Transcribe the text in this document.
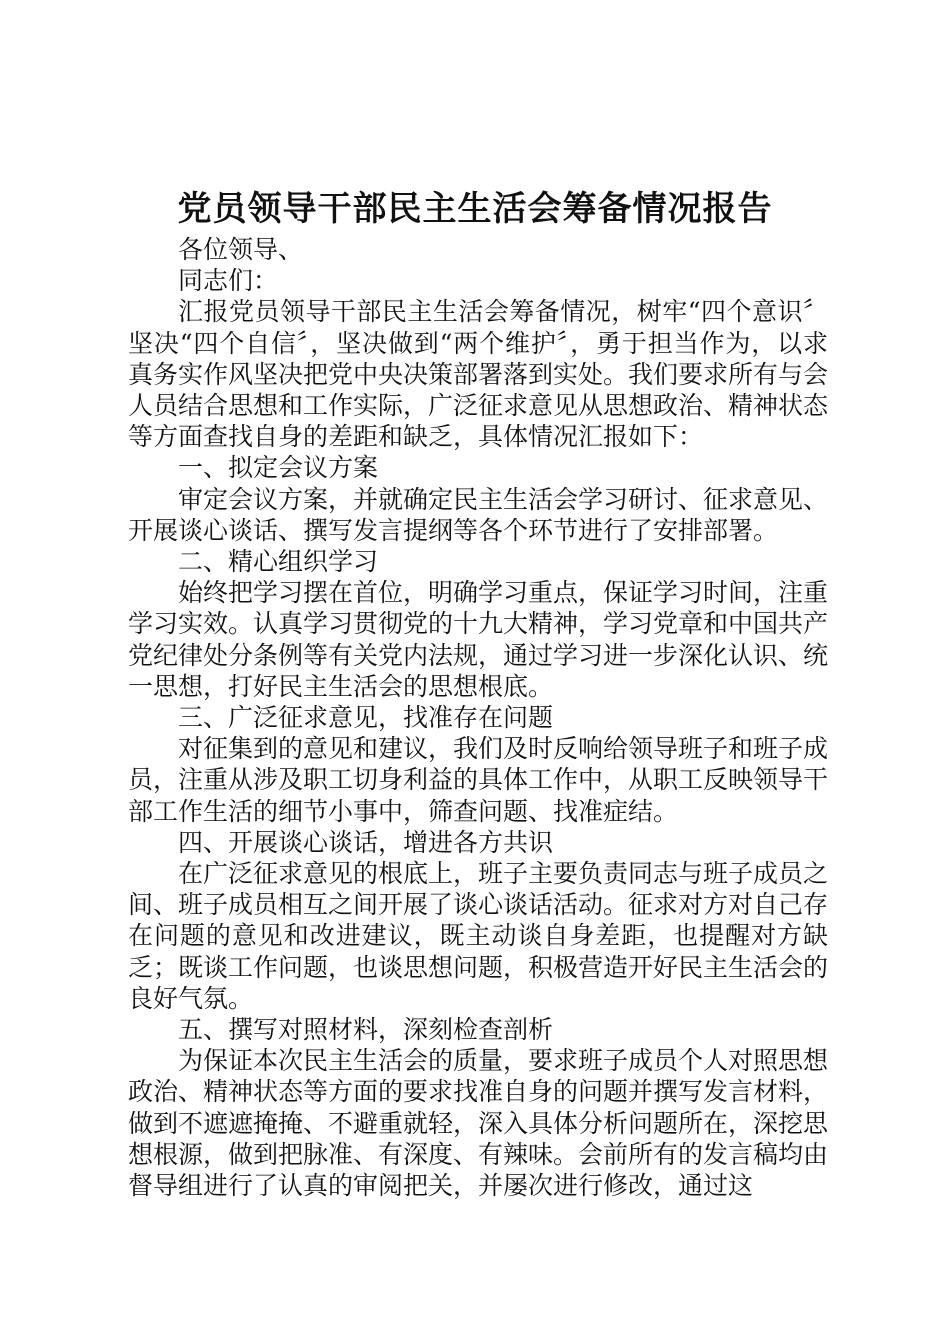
党员领导干部民主生活会筹备情况报告

各位领导、

同志们：

汇报党员领导干部民主生活会筹备情况，树牢“四个意识〞坚决“四个自信〞，坚决做到“两个维护〞，勇于担当作为，以求真务实作风坚决把党中央决策部署落到实处。我们要求所有与会人员结合思想和工作实际，广泛征求意见从思想政治、精神状态等方面查找自身的差距和缺乏，具体情况汇报如下：

一、拟定会议方案

审定会议方案，并就确定民主生活会学习研讨、征求意见、开展谈心谈话、撰写发言提纲等各个环节进行了安排部署。

二、精心组织学习

始终把学习摆在首位，明确学习重点，保证学习时间，注重学习实效。认真学习贯彻党的十九大精神，学习党章和中国共产党纪律处分条例等有关党内法规，通过学习进一步深化认识、统一思想，打好民主生活会的思想根底。

三、广泛征求意见，找准存在问题

对征集到的意见和建议，我们及时反响给领导班子和班子成员，注重从涉及职工切身利益的具体工作中，从职工反映领导干部工作生活的细节小事中，筛查问题、找准症结。

四、开展谈心谈话，增进各方共识

在广泛征求意见的根底上，班子主要负责同志与班子成员之间、班子成员相互之间开展了谈心谈话活动。征求对方对自己存在问题的意见和改进建议，既主动谈自身差距，也提醒对方缺乏；既谈工作问题，也谈思想问题，积极营造开好民主生活会的良好气氛。

五、撰写对照材料，深刻检查剖析

为保证本次民主生活会的质量，要求班子成员个人对照思想政治、精神状态等方面的要求找准自身的问题并撰写发言材料，做到不遮遮掩掩、不避重就轻，深入具体分析问题所在，深挖思想根源，做到把脉准、有深度、有辣味。会前所有的发言稿均由督导组进行了认真的审阅把关，并屡次进行修改，通过这
